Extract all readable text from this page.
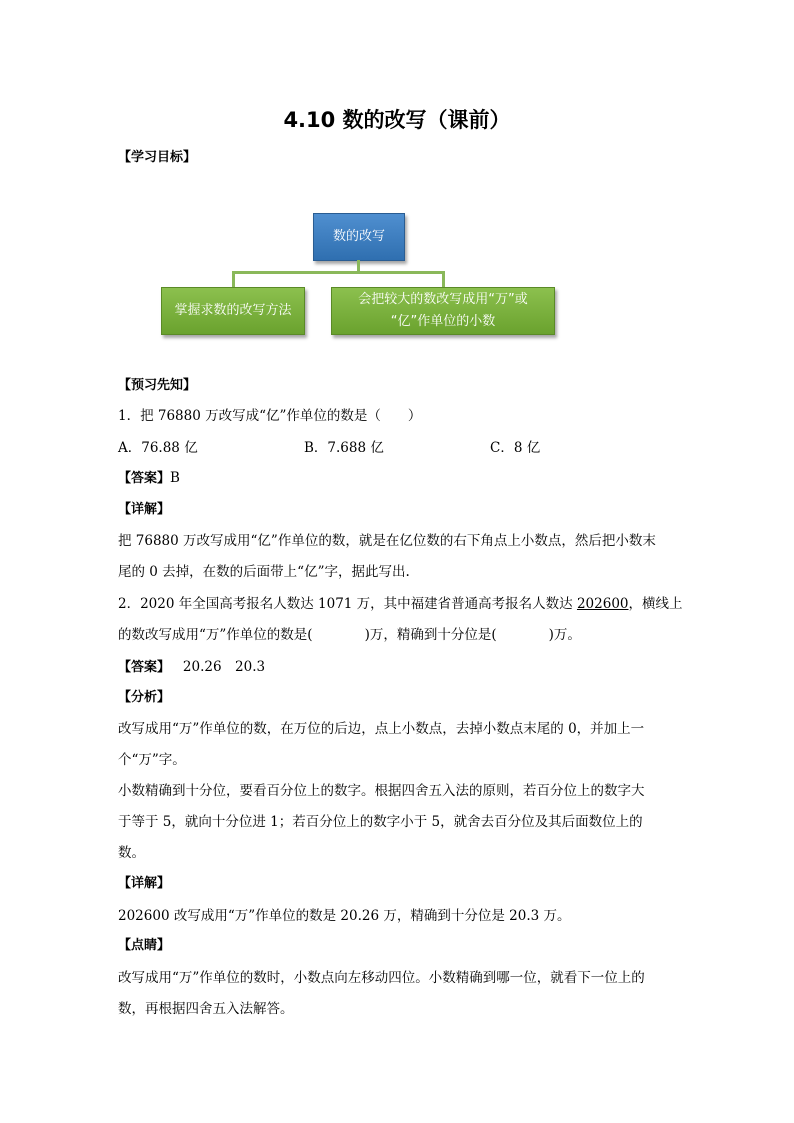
4.10 数的改写（课前）
【学习目标】
数的改写
掌握求数的改写方法
会把较大的数改写成用“万”或
“亿”作单位的小数
【预习先知】
1．把 76880 万改写成“亿”作单位的数是（　　）
A．76.88 亿	B．7.688 亿	C．8 亿
【答案】B
【详解】
把 76880 万改写成用“亿”作单位的数，就是在亿位数的右下角点上小数点，然后把小数末
尾的 0 去掉，在数的后面带上“亿”字，据此写出.
2．2020 年全国高考报名人数达 1071 万，其中福建省普通高考报名人数达 202600，横线上
的数改写成用“万”作单位的数是(	)万，精确到十分位是(	)万。
【答案】 20.26　20.3
【分析】
改写成用“万”作单位的数，在万位的后边，点上小数点，去掉小数点末尾的 0，并加上一
个“万”字。
小数精确到十分位，要看百分位上的数字。根据四舍五入法的原则，若百分位上的数字大
于等于 5，就向十分位进 1；若百分位上的数字小于 5，就舍去百分位及其后面数位上的
数。
【详解】
202600 改写成用“万”作单位的数是 20.26 万，精确到十分位是 20.3 万。
【点睛】
改写成用“万”作单位的数时，小数点向左移动四位。小数精确到哪一位，就看下一位上的
数，再根据四舍五入法解答。
